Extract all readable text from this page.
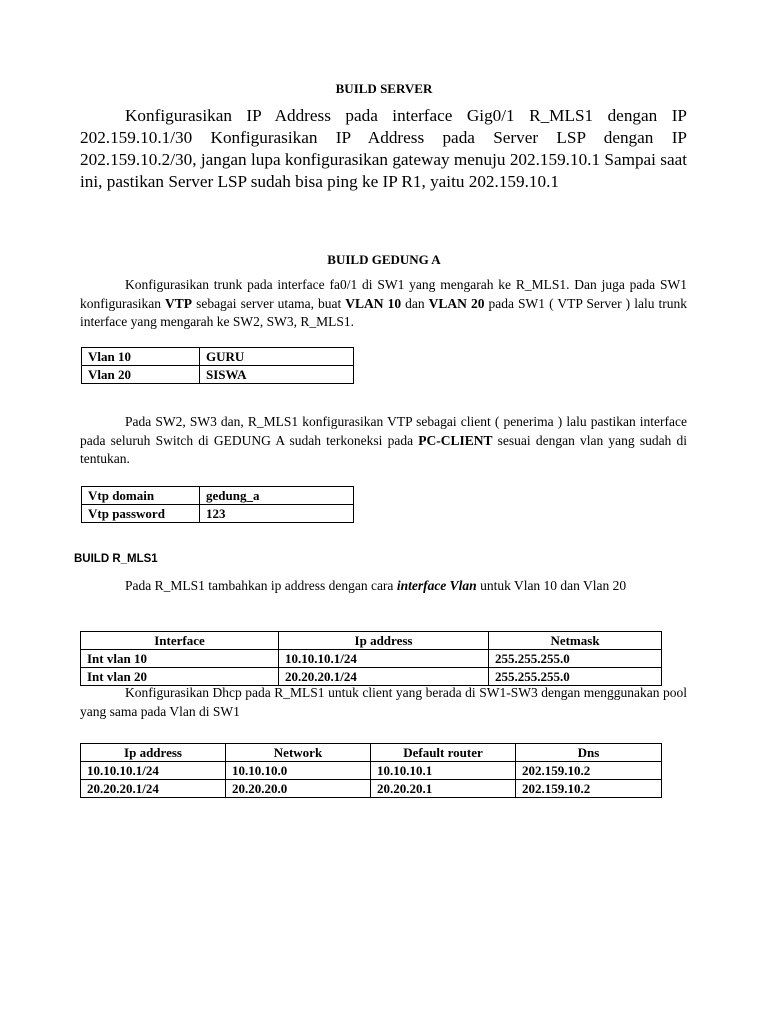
BUILD SERVER
Konfigurasikan IP Address pada interface Gig0/1 R_MLS1 dengan IP 202.159.10.1/30 Konfigurasikan IP Address pada Server LSP dengan IP 202.159.10.2/30, jangan lupa konfigurasikan gateway menuju 202.159.10.1 Sampai saat ini, pastikan Server LSP sudah bisa ping ke IP R1, yaitu 202.159.10.1
BUILD GEDUNG A
Konfigurasikan trunk pada interface fa0/1 di SW1 yang mengarah ke R_MLS1. Dan juga pada SW1 konfigurasikan VTP sebagai server utama, buat VLAN 10 dan VLAN 20 pada SW1 ( VTP Server ) lalu trunk interface yang mengarah ke SW2, SW3, R_MLS1.
Vlan 10	GURU
Vlan 20	SISWA
Pada SW2, SW3 dan, R_MLS1 konfigurasikan VTP sebagai client ( penerima ) lalu pastikan interface pada seluruh Switch di GEDUNG A sudah terkoneksi pada PC-CLIENT sesuai dengan vlan yang sudah di tentukan.
Vtp domain	gedung_a
Vtp password	123
BUILD R_MLS1
Pada R_MLS1 tambahkan ip address dengan cara interface Vlan untuk Vlan 10 dan Vlan 20
Interface	Ip address	Netmask
Int vlan 10	10.10.10.1/24	255.255.255.0
Int vlan 20	20.20.20.1/24	255.255.255.0
Konfigurasikan Dhcp pada R_MLS1 untuk client yang berada di SW1-SW3 dengan menggunakan pool yang sama pada Vlan di SW1
Ip address	Network	Default router	Dns
10.10.10.1/24	10.10.10.0	10.10.10.1	202.159.10.2
20.20.20.1/24	20.20.20.0	20.20.20.1	202.159.10.2
